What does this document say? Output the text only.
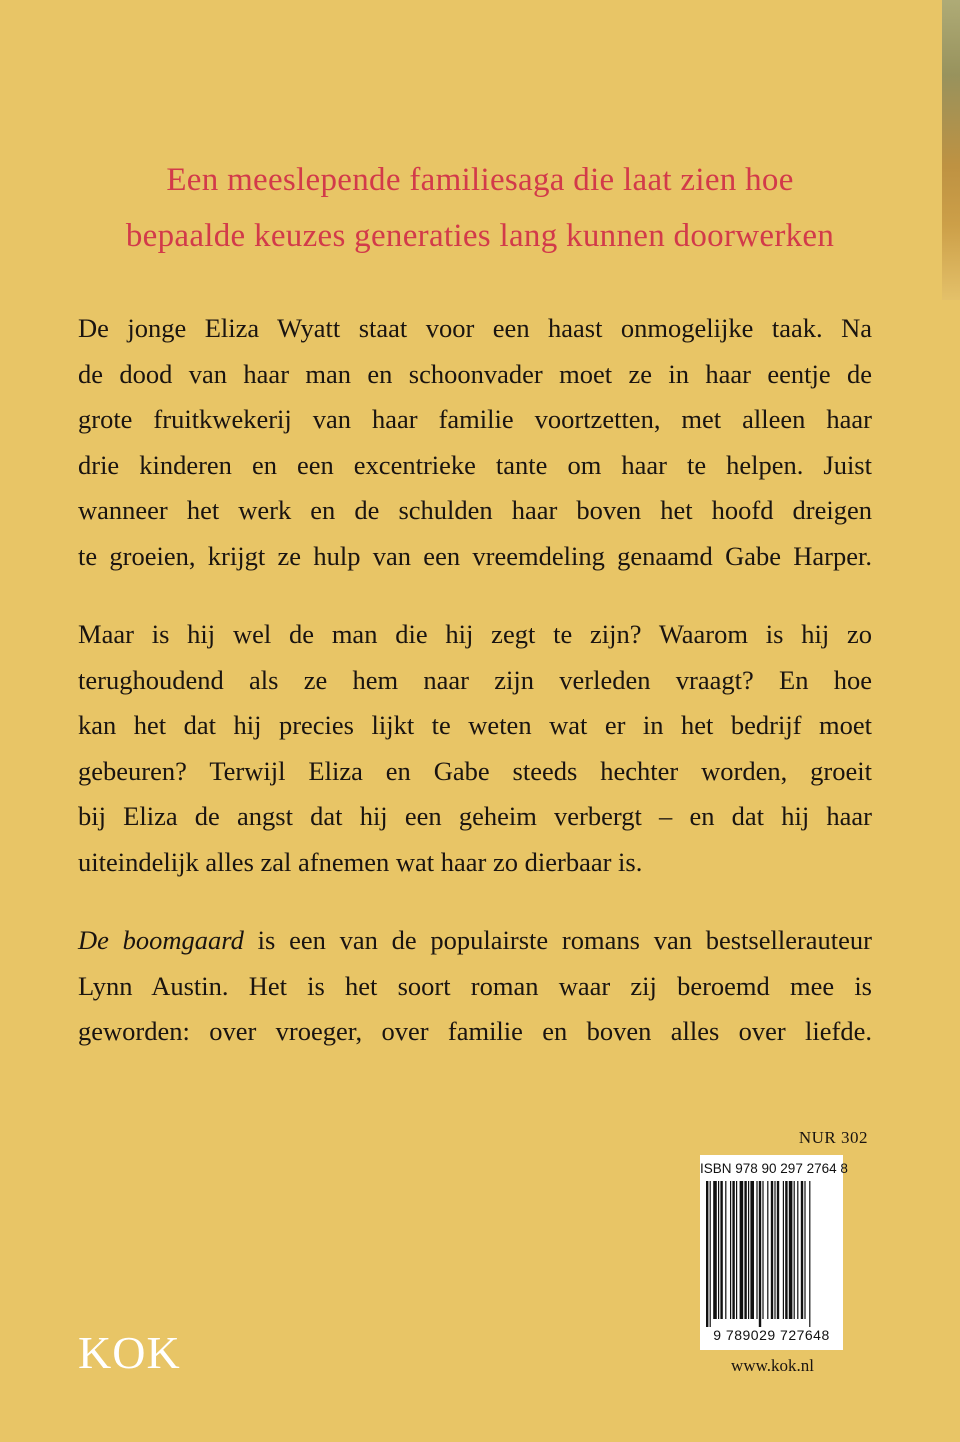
Een meeslepende familiesaga die laat zien hoe
bepaalde keuzes generaties lang kunnen doorwerken
De jonge Eliza Wyatt staat voor een haast onmogelijke taak. Na
de dood van haar man en schoonvader moet ze in haar eentje de
grote fruitkwekerij van haar familie voortzetten, met alleen haar
drie kinderen en een excentrieke tante om haar te helpen. Juist
wanneer het werk en de schulden haar boven het hoofd dreigen
te groeien, krijgt ze hulp van een vreemdeling genaamd Gabe Harper.
Maar is hij wel de man die hij zegt te zijn? Waarom is hij zo
terughoudend als ze hem naar zijn verleden vraagt? En hoe
kan het dat hij precies lijkt te weten wat er in het bedrijf moet
gebeuren? Terwijl Eliza en Gabe steeds hechter worden, groeit
bij Eliza de angst dat hij een geheim verbergt – en dat hij haar
uiteindelijk alles zal afnemen wat haar zo dierbaar is.
De boomgaard is een van de populairste romans van bestsellerauteur
Lynn Austin. Het is het soort roman waar zij beroemd mee is
geworden: over vroeger, over familie en boven alles over liefde.
NUR 302
ISBN 978 90 297 2764 8
9 789029 727648
KOK	www.kok.nl
